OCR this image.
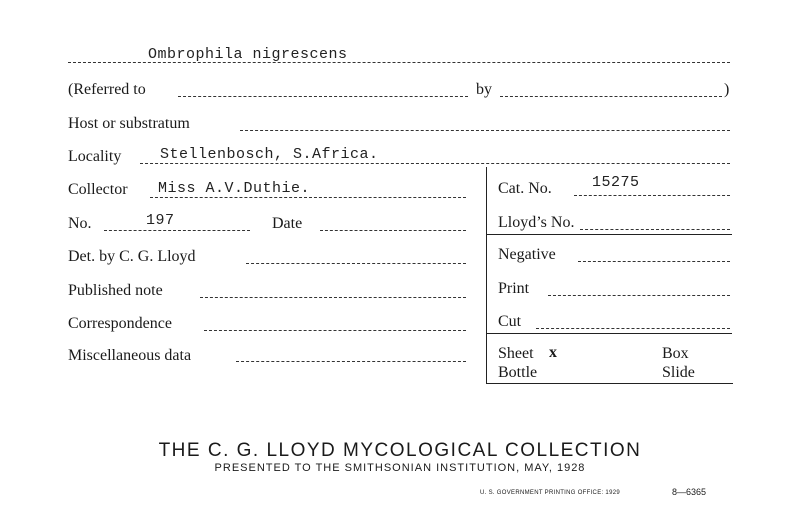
Ombrophila nigrescens
(Referred to	by	)
Host or substratum
Locality	Stellenbosch, S.Africa.
Collector Miss A.V.Duthie.	Cat. No.	15275
No.	197	Date	Lloyd’s No.
Det. by C. G. Lloyd	Negative
Published note	Print
Correspondence	Cut
Miscellaneous data	Sheet x	Box
Bottle	Slide
THE C. G. LLOYD MYCOLOGICAL COLLECTION
PRESENTED TO THE SMITHSONIAN INSTITUTION, MAY, 1928
U. S. GOVERNMENT PRINTING OFFICE: 1929	8—6365
